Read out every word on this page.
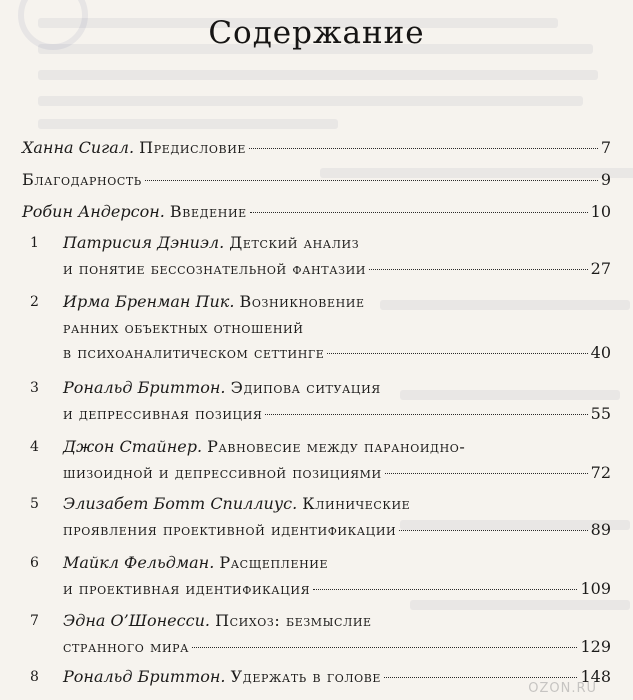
Содержание
Ханна Сигал. Предисловие	7
Благодарность	9
Робин Андерсон. Введение	10
1 Патрисия Дэниэл. Детский анализ
и понятие бессознательной фантазии	27
2 Ирма Бренман Пик. Возникновение
ранних объектных отношений
в психоаналитическом сеттинге	40
3 Рональд Бриттон. Эдипова ситуация
и депрессивная позиция	55
4 Джон Стайнер. Равновесие между параноидно-
шизоидной и депрессивной позициями	72
5 Элизабет Ботт Спиллиус. Клинические
проявления проективной идентификации	89
6 Майкл Фельдман. Расщепление
и проективная идентификация	109
7 Эдна О’Шонесси. Психоз: безмыслие
странного мира	129
8 Рональд Бриттон. Удержать в голове	148
OZON.RU
